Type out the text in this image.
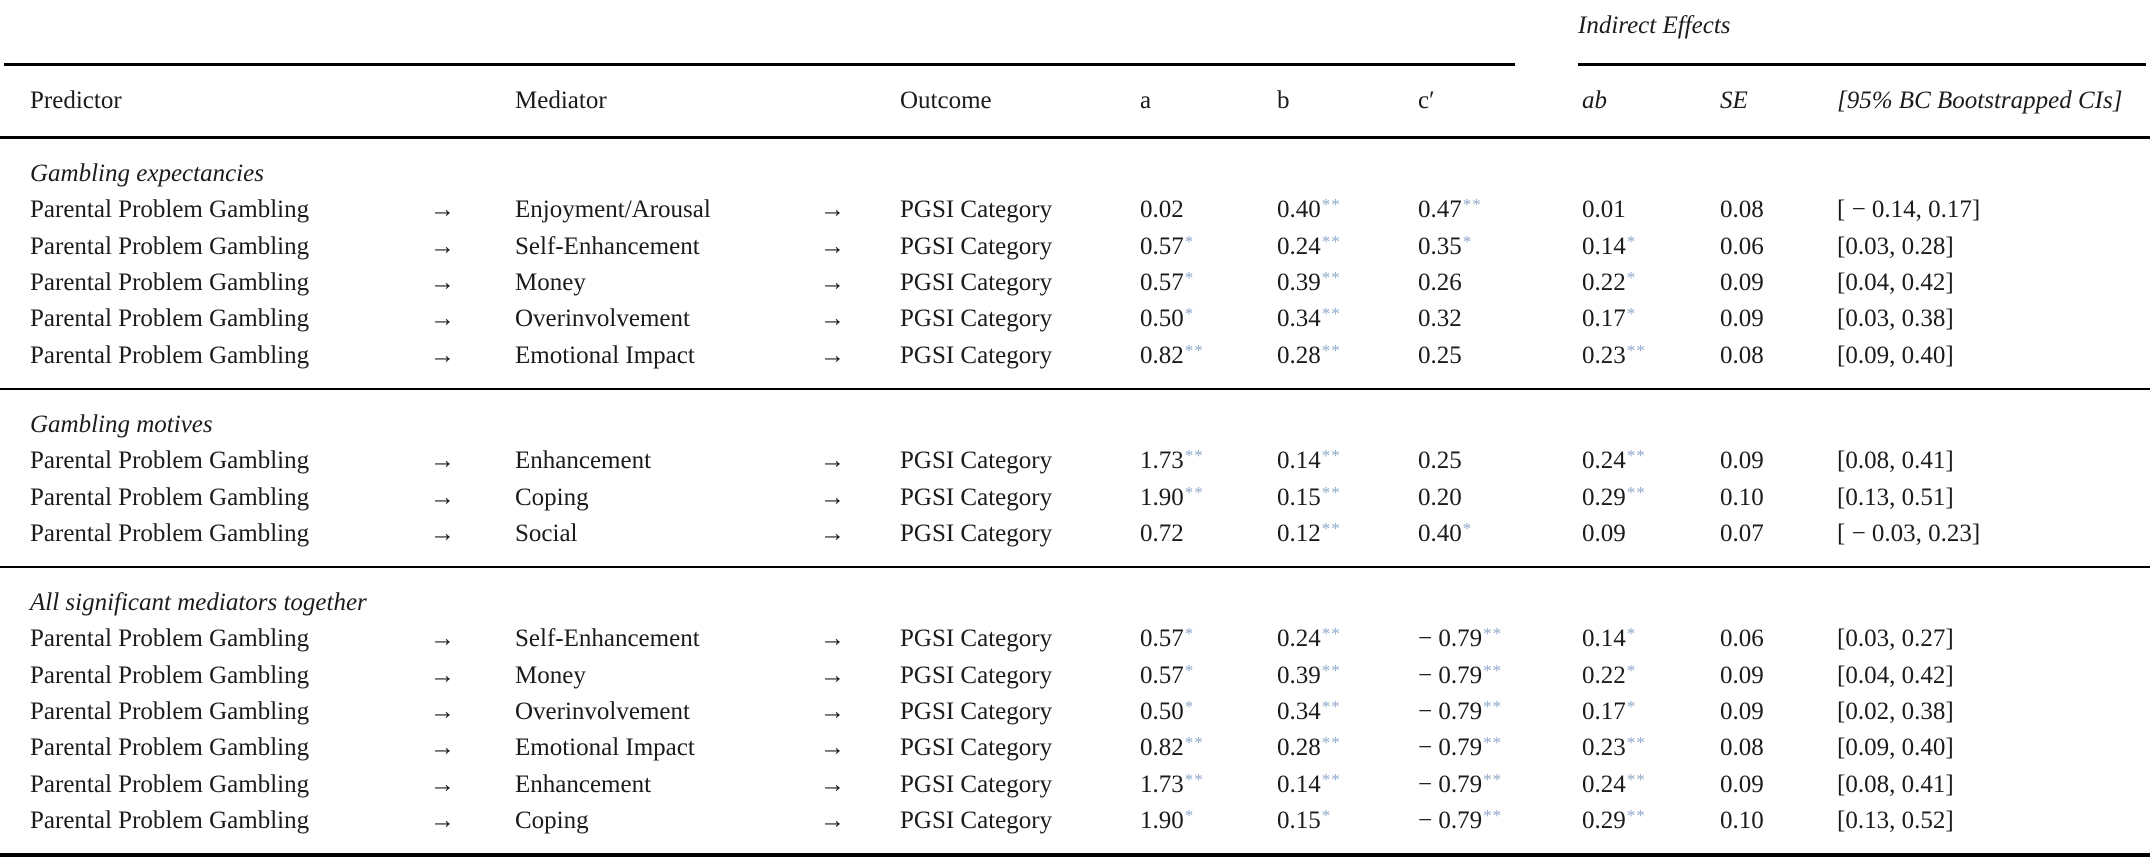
Indirect Effects
Predictor	Mediator	Outcome	a	b	c′	ab	SE	[95% BC Bootstrapped CIs]
Gambling expectancies
Parental Problem Gambling	→	Enjoyment/Arousal	→	PGSI Category	0.02	0.40**	0.47**	0.01	0.08	[ − 0.14, 0.17]
Parental Problem Gambling	→	Self-Enhancement	→	PGSI Category	0.57*	0.24**	0.35*	0.14*	0.06	[0.03, 0.28]
Parental Problem Gambling	→	Money	→	PGSI Category	0.57*	0.39**	0.26	0.22*	0.09	[0.04, 0.42]
Parental Problem Gambling	→	Overinvolvement	→	PGSI Category	0.50*	0.34**	0.32	0.17*	0.09	[0.03, 0.38]
Parental Problem Gambling	→	Emotional Impact	→	PGSI Category	0.82**	0.28**	0.25	0.23**	0.08	[0.09, 0.40]
Gambling motives
Parental Problem Gambling	→	Enhancement	→	PGSI Category	1.73**	0.14**	0.25	0.24**	0.09	[0.08, 0.41]
Parental Problem Gambling	→	Coping	→	PGSI Category	1.90**	0.15**	0.20	0.29**	0.10	[0.13, 0.51]
Parental Problem Gambling	→	Social	→	PGSI Category	0.72	0.12**	0.40*	0.09	0.07	[ − 0.03, 0.23]
All significant mediators together
Parental Problem Gambling	→	Self-Enhancement	→	PGSI Category	0.57*	0.24**	− 0.79**	0.14*	0.06	[0.03, 0.27]
Parental Problem Gambling	→	Money	→	PGSI Category	0.57*	0.39**	− 0.79**	0.22*	0.09	[0.04, 0.42]
Parental Problem Gambling	→	Overinvolvement	→	PGSI Category	0.50*	0.34**	− 0.79**	0.17*	0.09	[0.02, 0.38]
Parental Problem Gambling	→	Emotional Impact	→	PGSI Category	0.82**	0.28**	− 0.79**	0.23**	0.08	[0.09, 0.40]
Parental Problem Gambling	→	Enhancement	→	PGSI Category	1.73**	0.14**	− 0.79**	0.24**	0.09	[0.08, 0.41]
Parental Problem Gambling	→	Coping	→	PGSI Category	1.90*	0.15*	− 0.79**	0.29**	0.10	[0.13, 0.52]
